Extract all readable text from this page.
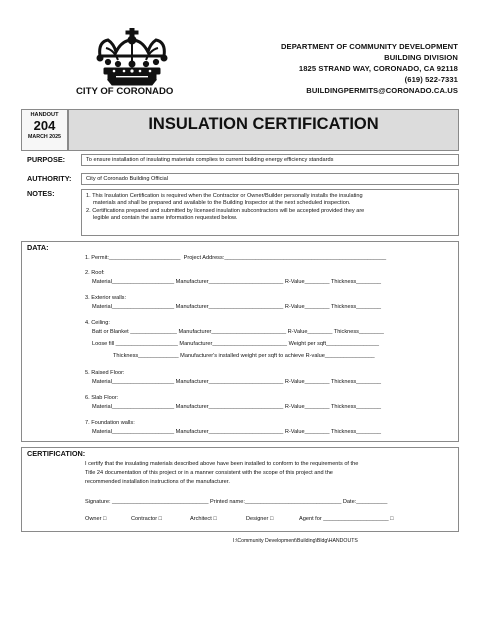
CITY OF CORONADO
DEPARTMENT OF COMMUNITY DEVELOPMENT
BUILDING DIVISION
1825 STRAND WAY, CORONADO, CA 92118
(619) 522-7331
BUILDINGPERMITS@CORONADO.CA.US
HANDOUT
204
MARCH 2025
INSULATION CERTIFICATION
PURPOSE:	To ensure installation of insulating materials complies to current building energy efficiency standards
AUTHORITY:	City of Coronado Building Official
NOTES:	1. This Insulation Certification is required when the Contractor or Owner/Builder personally installs the insulating
materials and shall be prepared and available to the Building Inspector at the next scheduled inspection.
2. Certifications prepared and submitted by licensed insulation subcontractors will be accepted provided they are
legible and contain the same information requested below.
DATA:
1. Permit:_______________________  Project Address:____________________________________________________
2. Roof:
Material____________________ Manufacturer________________________ R-Value________ Thickness________
3. Exterior walls:
Material____________________ Manufacturer________________________ R-Value________ Thickness________
4. Ceiling:
Batt or Blanket _______________ Manufacturer________________________ R-Value________ Thickness________
Loose fill ____________________ Manufacturer________________________ Weight per sqft_________________
Thickness_____________ Manufacturer's installed weight per sqft to achieve R-value________________
5. Raised Floor:
Material____________________ Manufacturer________________________ R-Value________ Thickness________
6. Slab Floor:
Material____________________ Manufacturer________________________ R-Value________ Thickness________
7. Foundation walls:
Material____________________ Manufacturer________________________ R-Value________ Thickness________
CERTIFICATION:
I certify that the insulating materials described above have been installed to conform to the requirements of the
Title 24 documentation of this project or in a manner consistent with the scope of this project and the
recommended installation instructions of the manufacturer.
Signature: _______________________________ Printed name:_______________________________ Date:__________
Owner □	Contractor □	Architect □	Designer □	Agent for _____________________ □
I:\Community Development\Building\Bldg\HANDOUTS
